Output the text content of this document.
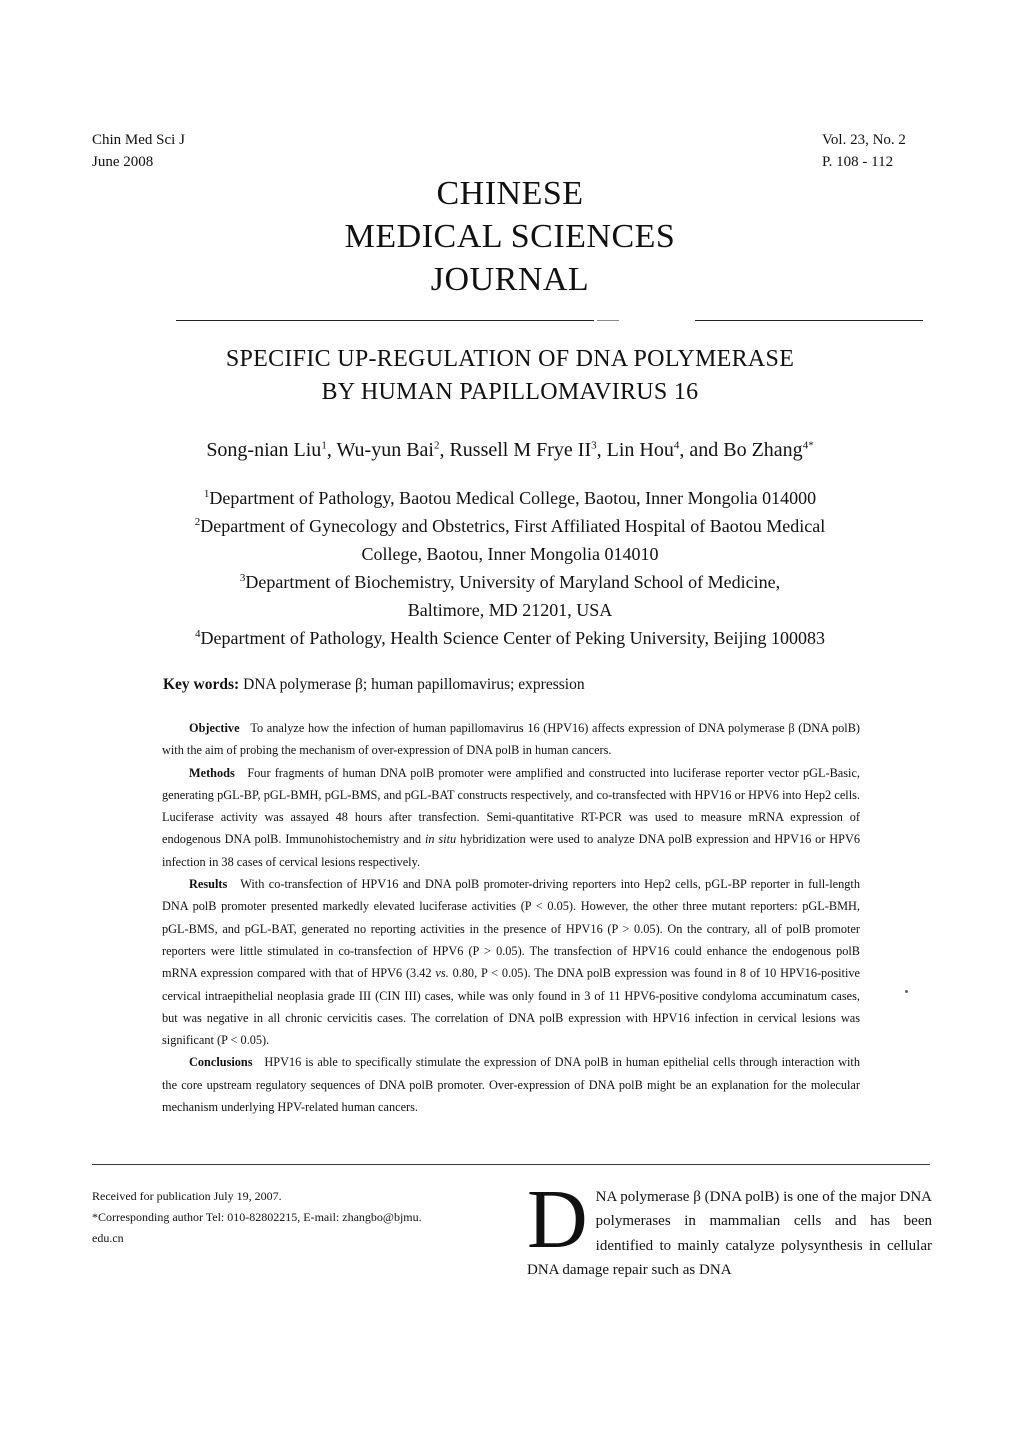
Chin Med Sci J
June 2008
Vol. 23, No. 2
P. 108 - 112
CHINESE
MEDICAL SCIENCES
JOURNAL
SPECIFIC UP-REGULATION OF DNA POLYMERASE
BY HUMAN PAPILLOMAVIRUS 16
Song-nian Liu$^1$, Wu-yun Bai$^2$, Russell M Frye $II^3$, Lin Hou$^4$, and Bo Zhang$^{4*}$

$^1$Department of Pathology, Baotou Medical College, Baotou, Inner Mongolia 014000

$^2$Department of Gynecology and Obstetrics, First Affiliated Hospital of Baotou Medical

College, Baotou, Inner Mongolia 014010

$^3$Department of Biochemistry, University of Maryland School of Medicine,

Baltimore, MD 21201, USA

$^4$Department of Pathology, Health Science Center of Peking University, Beijing 100083

Key words: DNA polymerase β; human papillomavirus; expression

Objective To analyze how the infection of human papillomavirus 16 (HPV16) affects expression of DNA polymerase β (DNA polB) with the aim of probing the mechanism of over-expression of DNA polB in human cancers.

Methods Four fragments of human DNA polB promoter were amplified and constructed into luciferase reporter vector pGL-Basic, generating pGL-BP, pGL-BMH, pGL-BMS, and pGL-BAT constructs respectively, and co-transfected with HPV16 or HPV6 into Hep2 cells. Luciferase activity was assayed 48 hours after transfection. Semi-quantitative RT-PCR was used to measure mRNA expression of endogenous DNA polB. Immunohistochemistry and in situ hybridization were used to analyze DNA polB expression and HPV16 or HPV6 infection in 38 cases of cervical lesions respectively.

Results With co-transfection of HPV16 and DNA polB promoter-driving reporters into Hep2 cells, pGL-BP reporter in full-length DNA polB promoter presented markedly elevated luciferase activities (P < 0.05). However, the other three mutant reporters: pGL-BMH, pGL-BMS, and pGL-BAT, generated no reporting activities in the presence of HPV16 (P > 0.05). On the contrary, all of polB promoter reporters were little stimulated in co-transfection of HPV6 (P > 0.05). The transfection of HPV16 could enhance the endogenous polB mRNA expression compared with that of HPV6 (3.42 vs. 0.80, P < 0.05). The DNA polB expression was found in 8 of 10 HPV16-positive cervical intraepithelial neoplasia grade III (CIN III) cases, while was only found in 3 of 11 HPV6-positive condyloma accuminatum cases, but was negative in all chronic cervicitis cases. The correlation of DNA polB expression with HPV16 infection in cervical lesions was significant (P < 0.05).

Conclusions HPV16 is able to specifically stimulate the expression of DNA polB in human epithelial cells through interaction with the core upstream regulatory sequences of DNA polB promoter. Over-expression of DNA polB might be an explanation for the molecular mechanism underlying HPV-related human cancers.

Received for publication July 19, 2007.

*Corresponding author Tel: 010-82802215, E-mail: zhangbo@bjmu.

edu.cn	DNA polymerase β (DNA polB) is one of the major DNA polymerases in mammalian cells and has been identified to mainly catalyze polysynthesis in cellular DNA damage repair such as DNA
